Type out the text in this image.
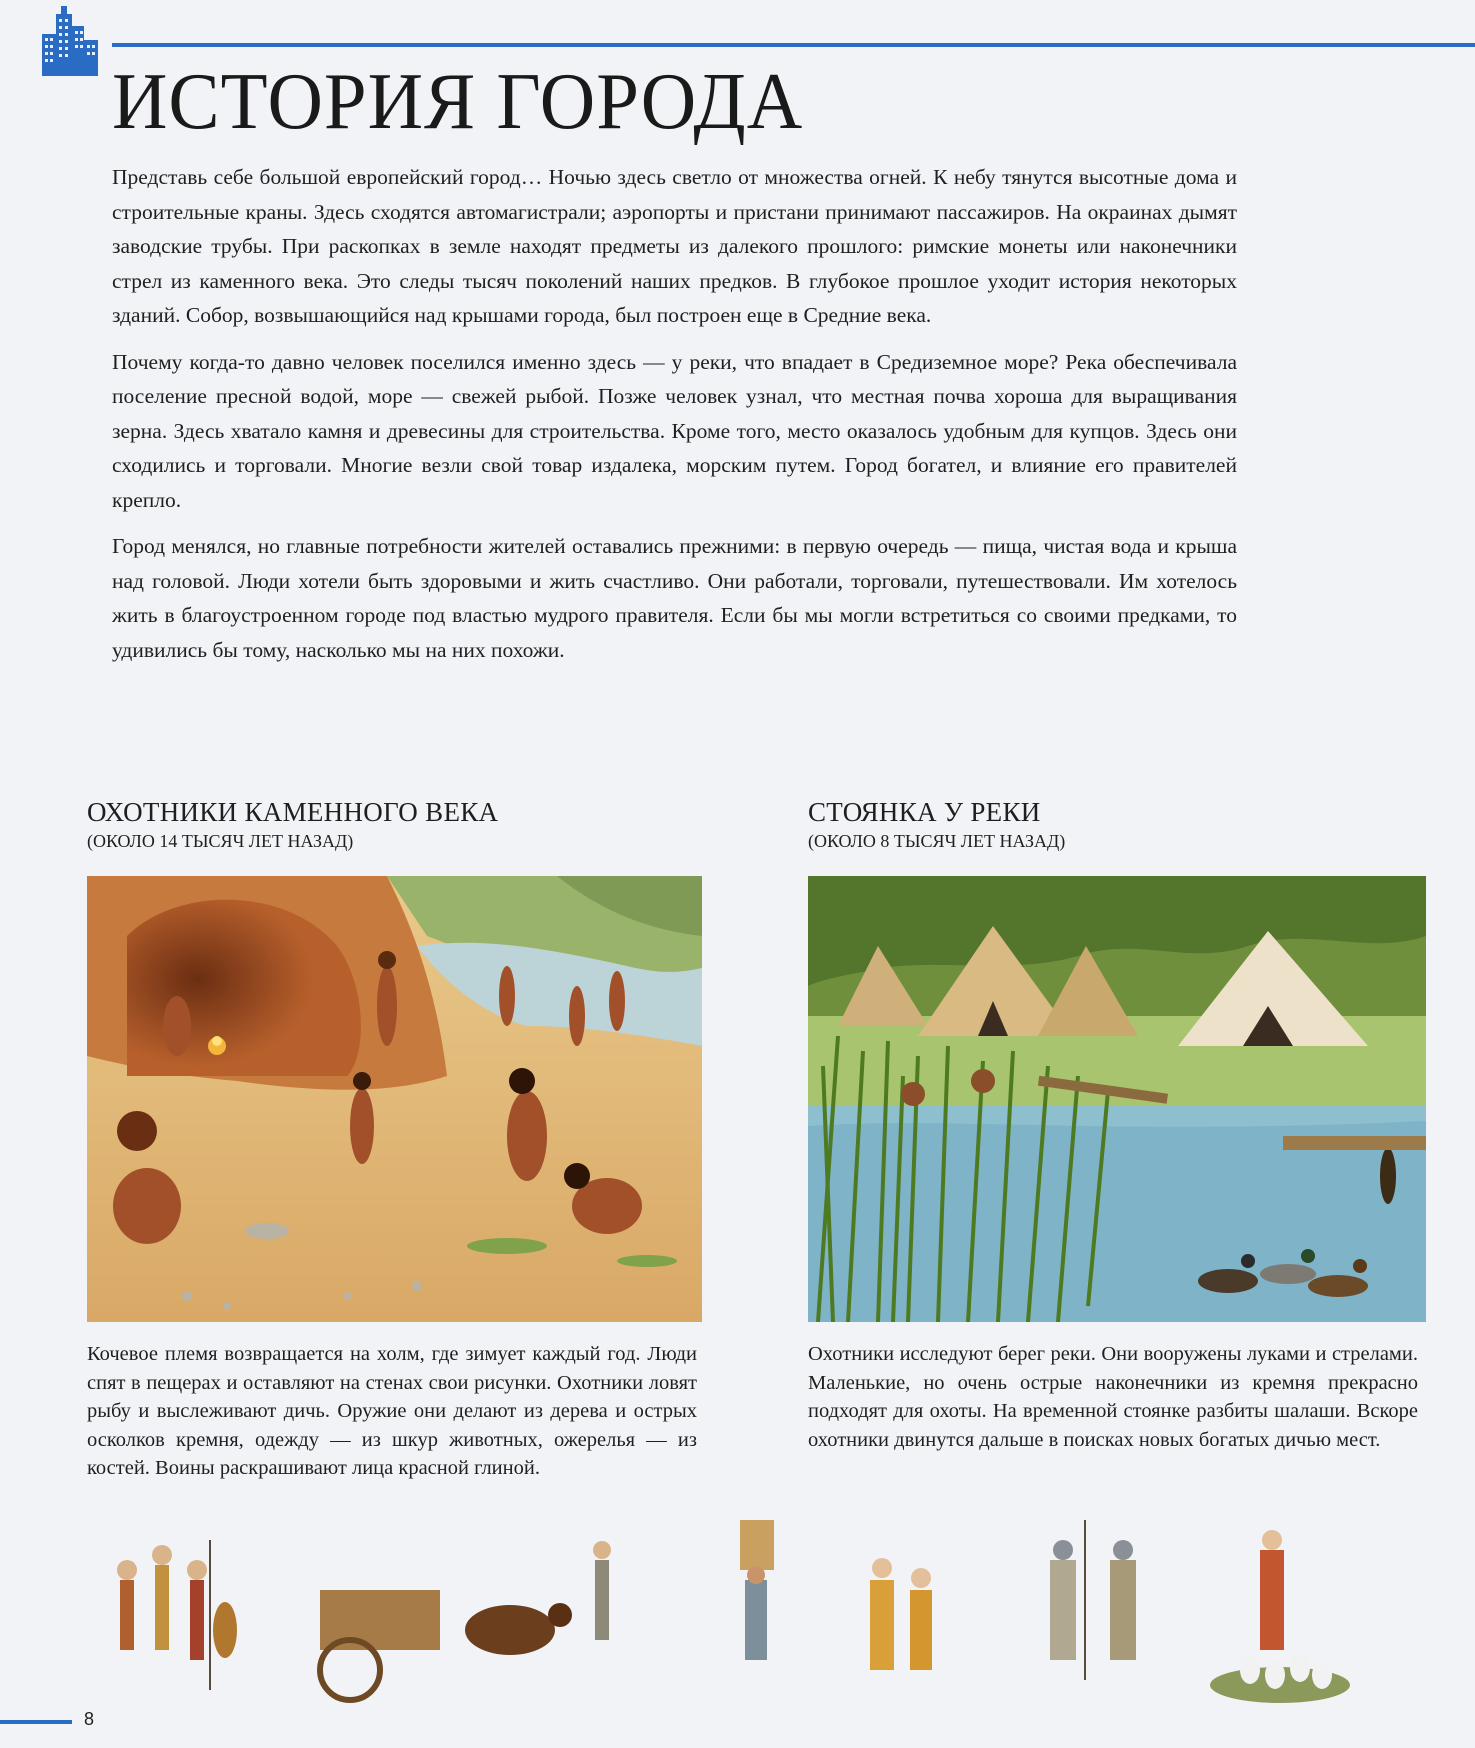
ИСТОРИЯ ГОРОДА

Представь себе большой европейский город… Ночью здесь светло от множества огней. К небу тянутся высотные дома и строительные краны. Здесь сходятся автомагистрали; аэропорты и пристани принимают пассажиров. На окраинах дымят заводские трубы. При раскопках в земле находят предметы из далекого прошлого: римские монеты или наконечники стрел из каменного века. Это следы тысяч поколений наших предков. В глубокое прошлое уходит история некоторых зданий. Собор, возвышающийся над крышами города, был построен еще в Средние века.

Почему когда-то давно человек поселился именно здесь — у реки, что впадает в Средиземное море? Река обеспечивала поселение пресной водой, море — свежей рыбой. Позже человек узнал, что местная почва хороша для выращивания зерна. Здесь хватало камня и древесины для строительства. Кроме того, место оказалось удобным для купцов. Здесь они сходились и торговали. Многие везли свой товар издалека, морским путем. Город богател, и влияние его правителей крепло.

Город менялся, но главные потребности жителей оставались прежними: в первую очередь — пища, чистая вода и крыша над головой. Люди хотели быть здоровыми и жить счастливо. Они работали, торговали, путешествовали. Им хотелось жить в благоустроенном городе под властью мудрого правителя. Если бы мы могли встретиться со своими предками, то удивились бы тому, насколько мы на них похожи.

ОХОТНИКИ КАМЕННОГО ВЕКА
(ОКОЛО 14 ТЫСЯЧ ЛЕТ НАЗАД)
СТОЯНКА У РЕКИ
(ОКОЛО 8 ТЫСЯЧ ЛЕТ НАЗАД)

Кочевое племя возвращается на холм, где зимует каждый год. Люди спят в пещерах и оставляют на стенах свои рисунки. Охотники ловят рыбу и выслеживают дичь. Оружие они делают из дерева и острых осколков кремня, одежду — из шкур животных, ожерелья — из костей. Воины раскрашивают лица красной глиной.

Охотники исследуют берег реки. Они вооружены луками и стрелами. Маленькие, но очень острые наконечники из кремня прекрасно подходят для охоты. На временной стоянке разбиты шалаши. Вскоре охотники двинутся дальше в поисках новых богатых дичью мест.

8
